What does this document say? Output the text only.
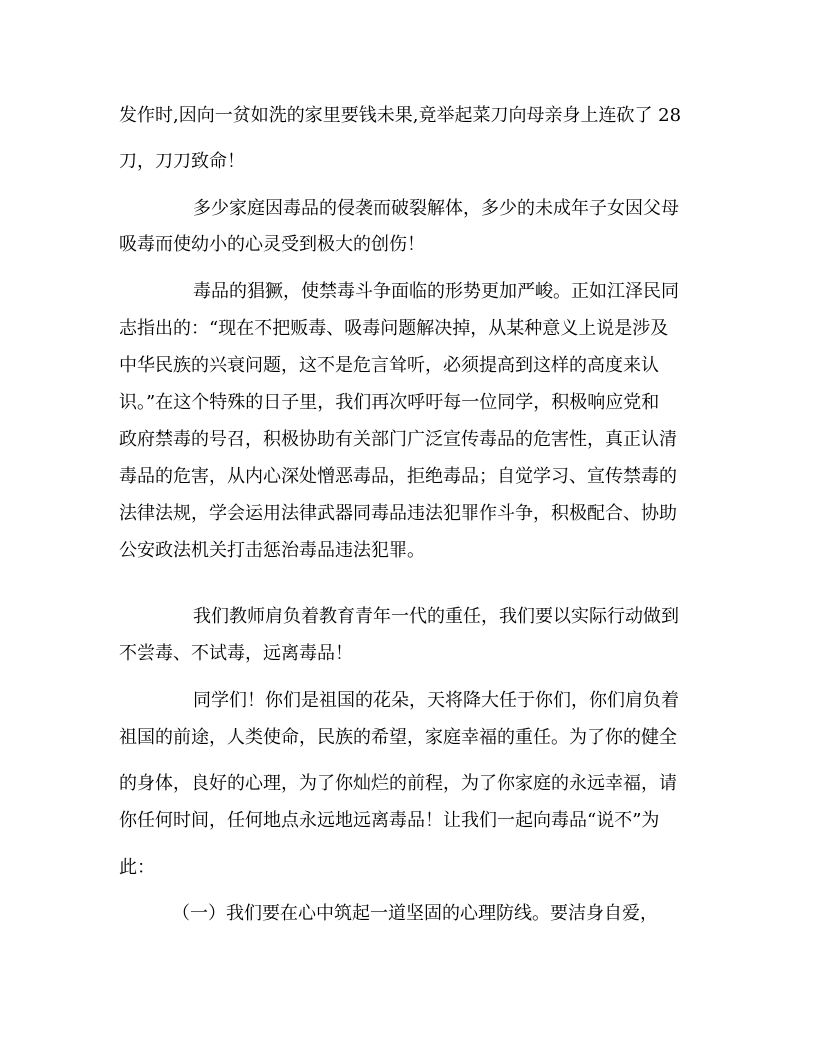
发作时,因向一贫如洗的家里要钱未果,竟举起菜刀向母亲身上连砍了 28

刀，刀刀致命！

多少家庭因毒品的侵袭而破裂解体，多少的未成年子女因父母

吸毒而使幼小的心灵受到极大的创伤！

毒品的猖獗，使禁毒斗争面临的形势更加严峻。正如江泽民同

志指出的：“现在不把贩毒、吸毒问题解决掉，从某种意义上说是涉及

中华民族的兴衰问题，这不是危言耸听，必须提高到这样的高度来认

识。”在这个特殊的日子里，我们再次呼吁每一位同学，积极响应党和

政府禁毒的号召，积极协助有关部门广泛宣传毒品的危害性，真正认清

毒品的危害，从内心深处憎恶毒品，拒绝毒品；自觉学习、宣传禁毒的

法律法规，学会运用法律武器同毒品违法犯罪作斗争，积极配合、协助

公安政法机关打击惩治毒品违法犯罪。

我们教师肩负着教育青年一代的重任，我们要以实际行动做到

不尝毒、不试毒，远离毒品！

同学们！你们是祖国的花朵，天将降大任于你们，你们肩负着

祖国的前途，人类使命，民族的希望，家庭幸福的重任。为了你的健全

的身体，良好的心理，为了你灿烂的前程，为了你家庭的永远幸福，请

你任何时间，任何地点永远地远离毒品！让我们一起向毒品“说不”为

此：

（一）我们要在心中筑起一道坚固的心理防线。要洁身自爱，
